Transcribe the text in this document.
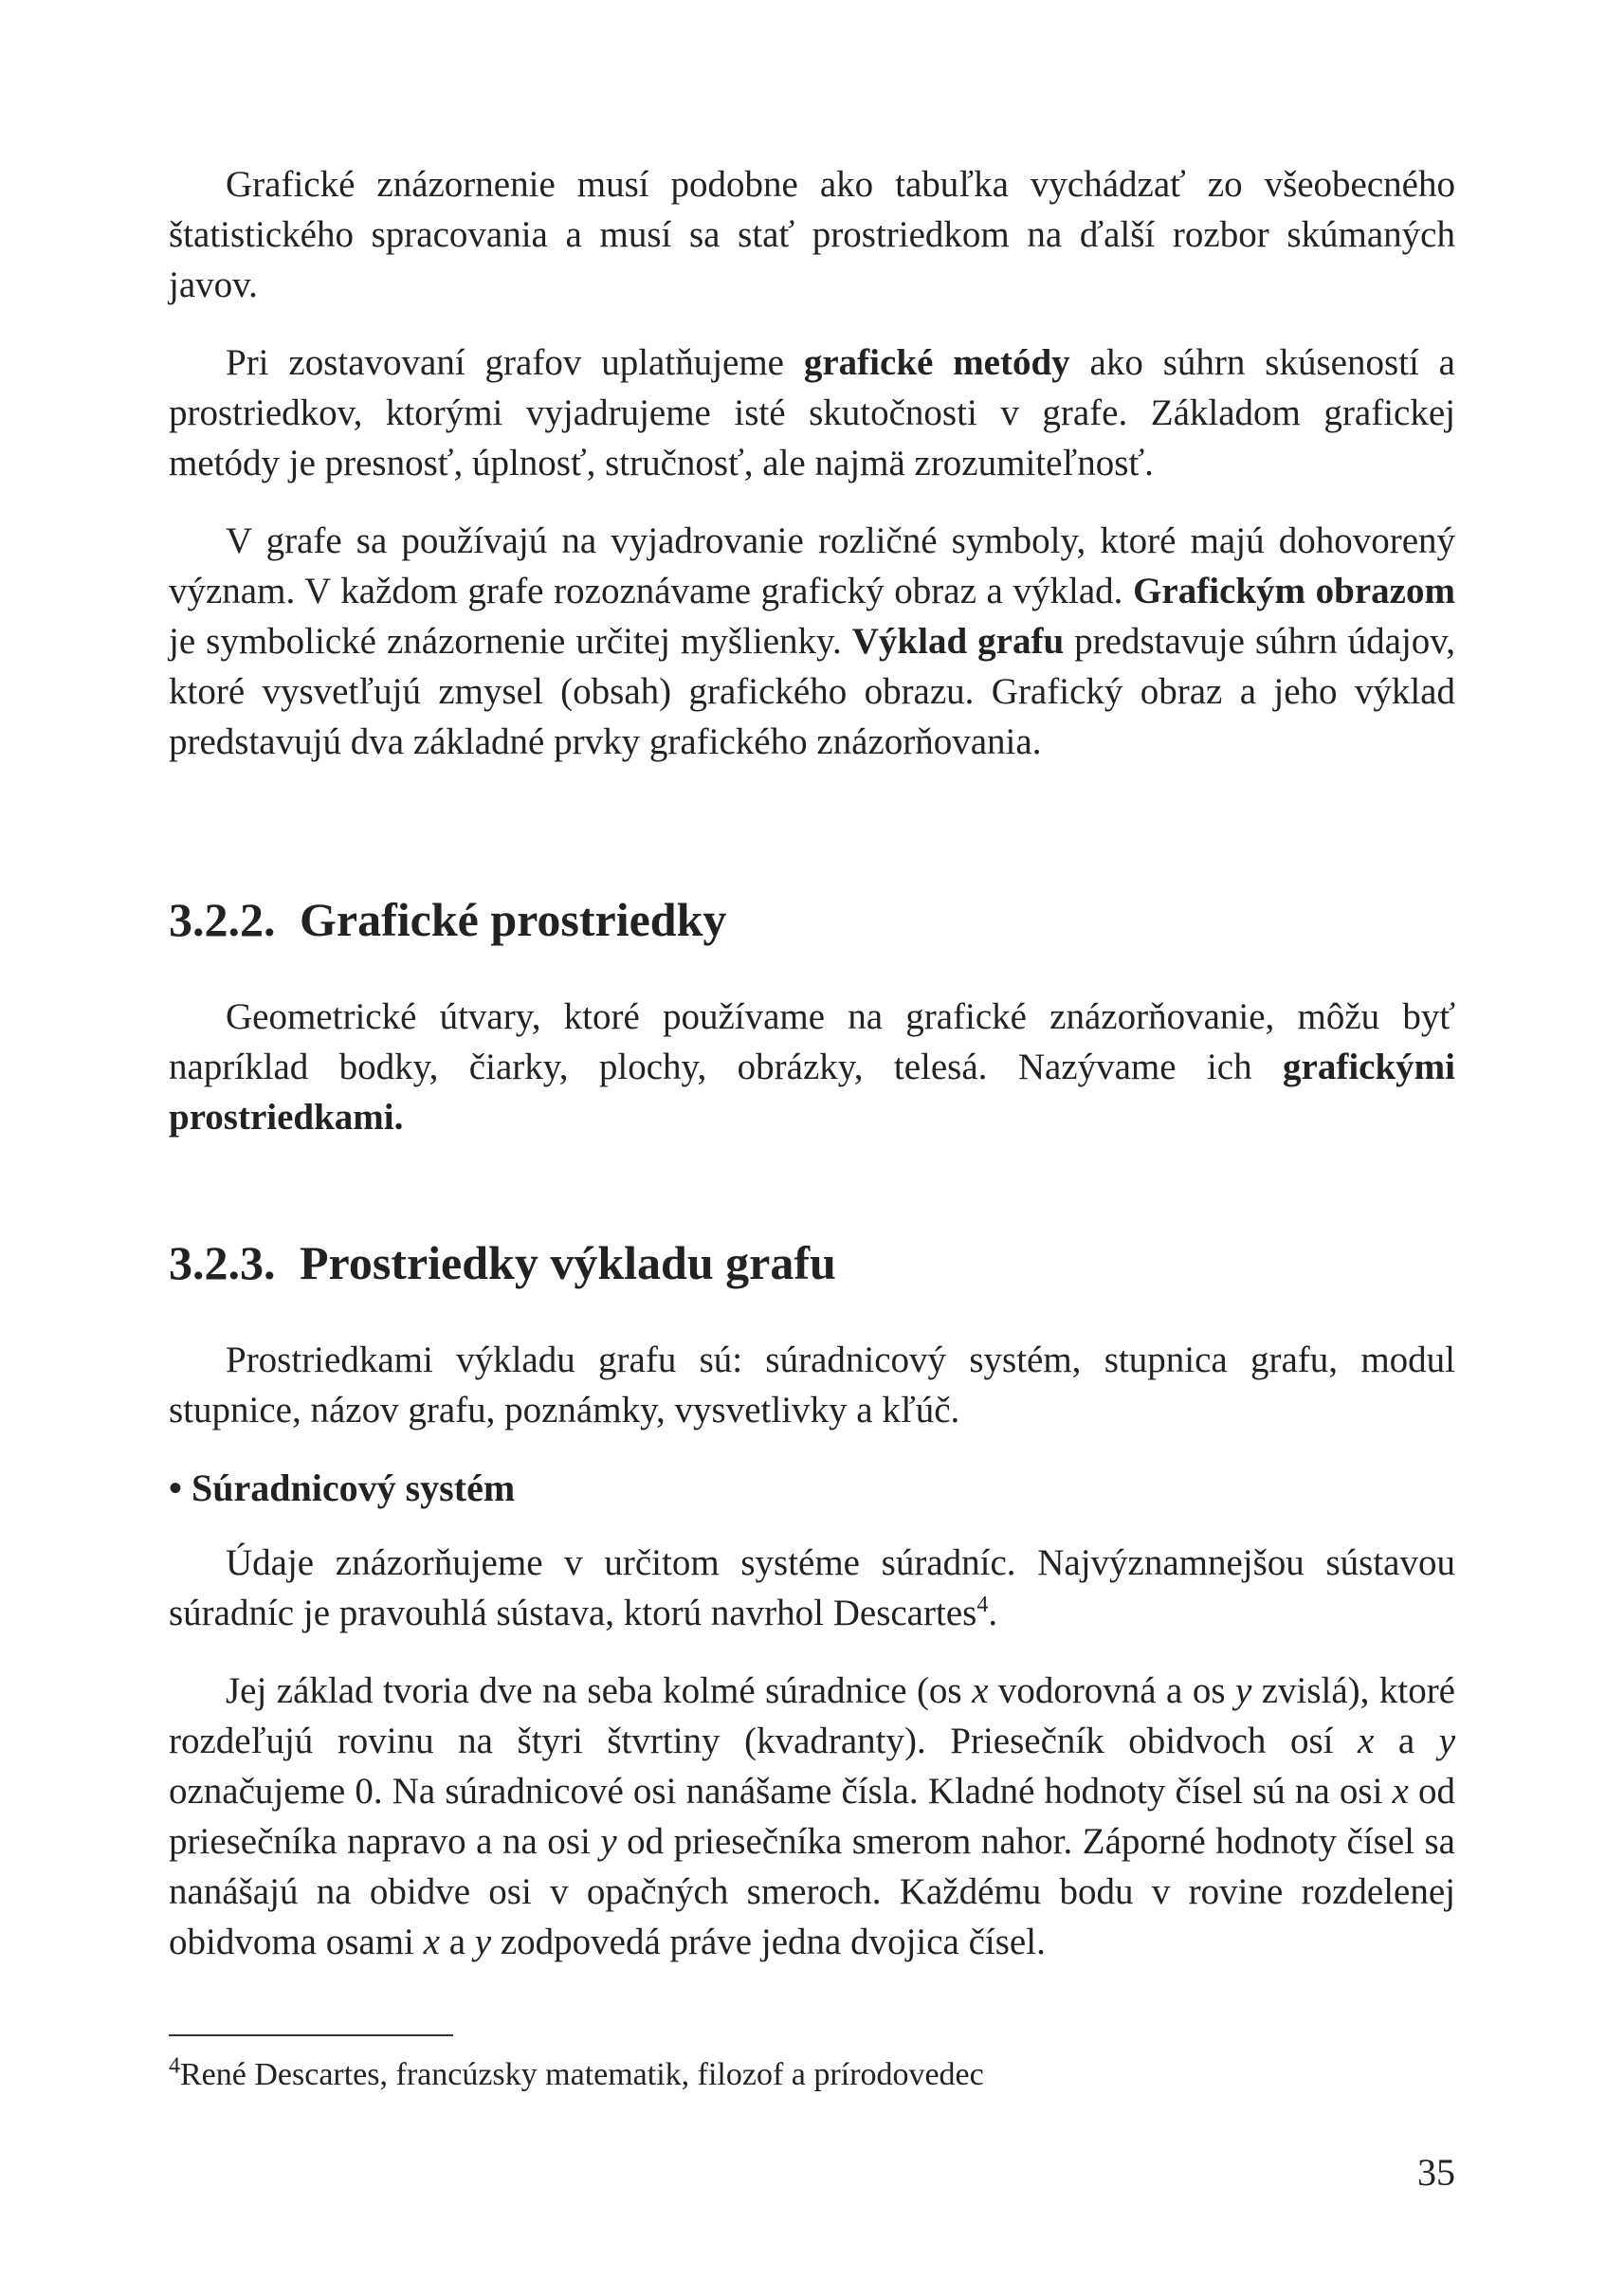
Grafické znázornenie musí podobne ako tabuľka vychádzať zo všeobecného štatistického spracovania a musí sa stať prostriedkom na ďalší rozbor skúmaných javov.

Pri zostavovaní grafov uplatňujeme grafické metódy ako súhrn skúseností a prostriedkov, ktorými vyjadrujeme isté skutočnosti v grafe. Základom grafickej metódy je presnosť, úplnosť, stručnosť, ale najmä zrozumiteľnosť.

V grafe sa používajú na vyjadrovanie rozličné symboly, ktoré majú dohovorený význam. V každom grafe rozoznávame grafický obraz a výklad. Grafickým obrazom je symbolické znázornenie určitej myšlienky. Výklad grafu predstavuje súhrn údajov, ktoré vysvetľujú zmysel (obsah) grafického obrazu. Grafický obraz a jeho výklad predstavujú dva základné prvky grafického znázorňovania.

3.2.2. Grafické prostriedky

Geometrické útvary, ktoré používame na grafické znázorňovanie, môžu byť napríklad bodky, čiarky, plochy, obrázky, telesá. Nazývame ich grafickými prostriedkami.

3.2.3. Prostriedky výkladu grafu

Prostriedkami výkladu grafu sú: súradnicový systém, stupnica grafu, modul stupnice, názov grafu, poznámky, vysvetlivky a kľúč.

• Súradnicový systém

Údaje znázorňujeme v určitom systéme súradníc. Najvýznamnejšou sústavou súradníc je pravouhlá sústava, ktorú navrhol Descartes$^4$.

Jej základ tvoria dve na seba kolmé súradnice (os x vodorovná a os y zvislá), ktoré rozdeľujú rovinu na štyri štvrtiny (kvadranty). Priesečník obidvoch osí x a y označujeme 0. Na súradnicové osi nanášame čísla. Kladné hodnoty čísel sú na osi x od priesečníka napravo a na osi y od priesečníka smerom nahor. Záporné hodnoty čísel sa nanášajú na obidve osi v opačných smeroch. Každému bodu v rovine rozdelenej obidvoma osami x a y zodpovedá práve jedna dvojica čísel.

$^4$René Descartes, francúzsky matematik, filozof a prírodovedec
35
